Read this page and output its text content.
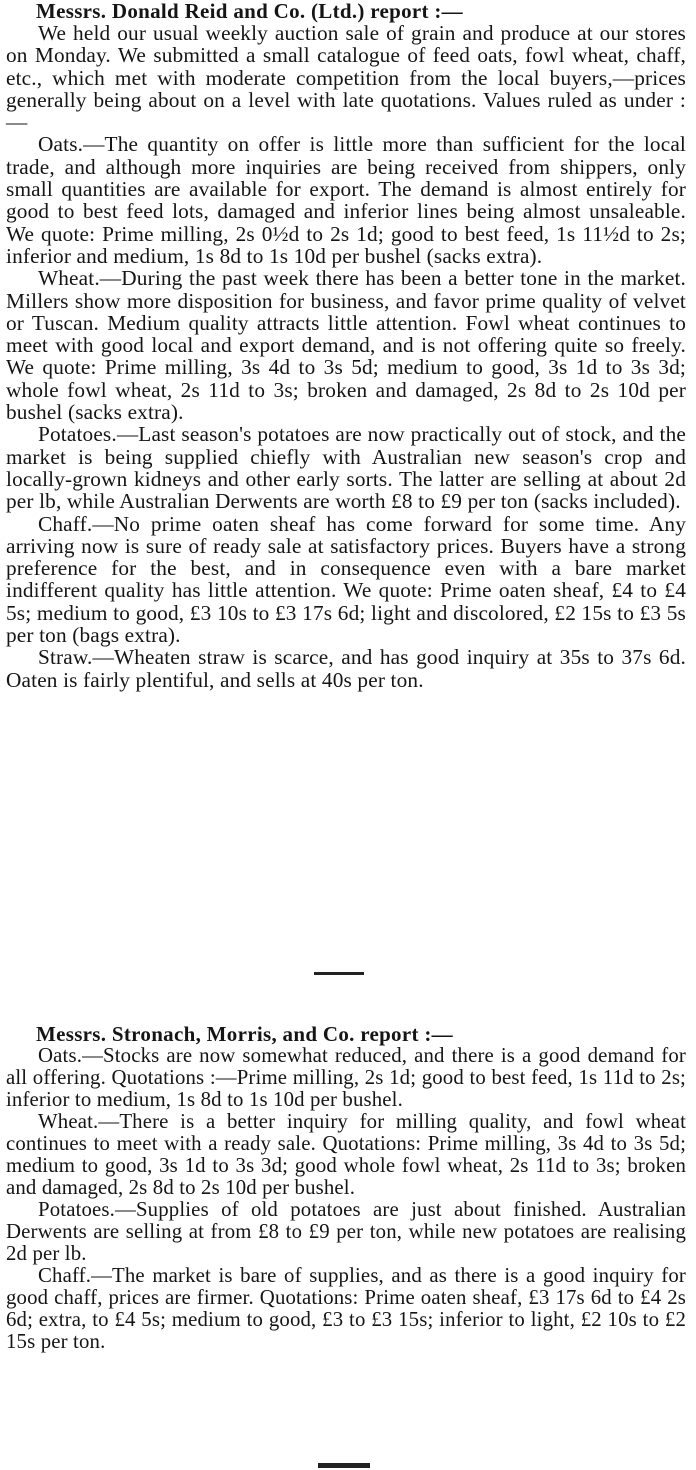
Messrs. Donald Reid and Co. (Ltd.) report :—

We held our usual weekly auction sale of grain and produce at our stores on Monday. We submitted a small catalogue of feed oats, fowl wheat, chaff, etc., which met with moderate competition from the local buyers,—prices generally being about on a level with late quotations. Values ruled as under :—

Oats.—The quantity on offer is little more than sufficient for the local trade, and although more inquiries are being received from shippers, only small quantities are available for export. The demand is almost entirely for good to best feed lots, damaged and inferior lines being almost unsaleable. We quote: Prime milling, 2s 0½d to 2s 1d; good to best feed, 1s 11½d to 2s; inferior and medium, 1s 8d to 1s 10d per bushel (sacks extra).

Wheat.—During the past week there has been a better tone in the market. Millers show more disposition for business, and favor prime quality of velvet or Tuscan. Medium quality attracts little attention. Fowl wheat continues to meet with good local and export demand, and is not offering quite so freely. We quote: Prime milling, 3s 4d to 3s 5d; medium to good, 3s 1d to 3s 3d; whole fowl wheat, 2s 11d to 3s; broken and damaged, 2s 8d to 2s 10d per bushel (sacks extra).

Potatoes.—Last season's potatoes are now practically out of stock, and the market is being supplied chiefly with Australian new season's crop and locally-grown kidneys and other early sorts. The latter are selling at about 2d per lb, while Australian Derwents are worth £8 to £9 per ton (sacks included).

Chaff.—No prime oaten sheaf has come forward for some time. Any arriving now is sure of ready sale at satisfactory prices. Buyers have a strong preference for the best, and in consequence even with a bare market indifferent quality has little attention. We quote: Prime oaten sheaf, £4 to £4 5s; medium to good, £3 10s to £3 17s 6d; light and discolored, £2 15s to £3 5s per ton (bags extra).

Straw.—Wheaten straw is scarce, and has good inquiry at 35s to 37s 6d. Oaten is fairly plentiful, and sells at 40s per ton.

Messrs. Stronach, Morris, and Co. report :—

Oats.—Stocks are now somewhat reduced, and there is a good demand for all offering. Quotations :—Prime milling, 2s 1d; good to best feed, 1s 11d to 2s; inferior to medium, 1s 8d to 1s 10d per bushel.

Wheat.—There is a better inquiry for milling quality, and fowl wheat continues to meet with a ready sale. Quotations: Prime milling, 3s 4d to 3s 5d; medium to good, 3s 1d to 3s 3d; good whole fowl wheat, 2s 11d to 3s; broken and damaged, 2s 8d to 2s 10d per bushel.

Potatoes.—Supplies of old potatoes are just about finished. Australian Derwents are selling at from £8 to £9 per ton, while new potatoes are realising 2d per lb.

Chaff.—The market is bare of supplies, and as there is a good inquiry for good chaff, prices are firmer. Quotations: Prime oaten sheaf, £3 17s 6d to £4 2s 6d; extra, to £4 5s; medium to good, £3 to £3 15s; inferior to light, £2 10s to £2 15s per ton.
